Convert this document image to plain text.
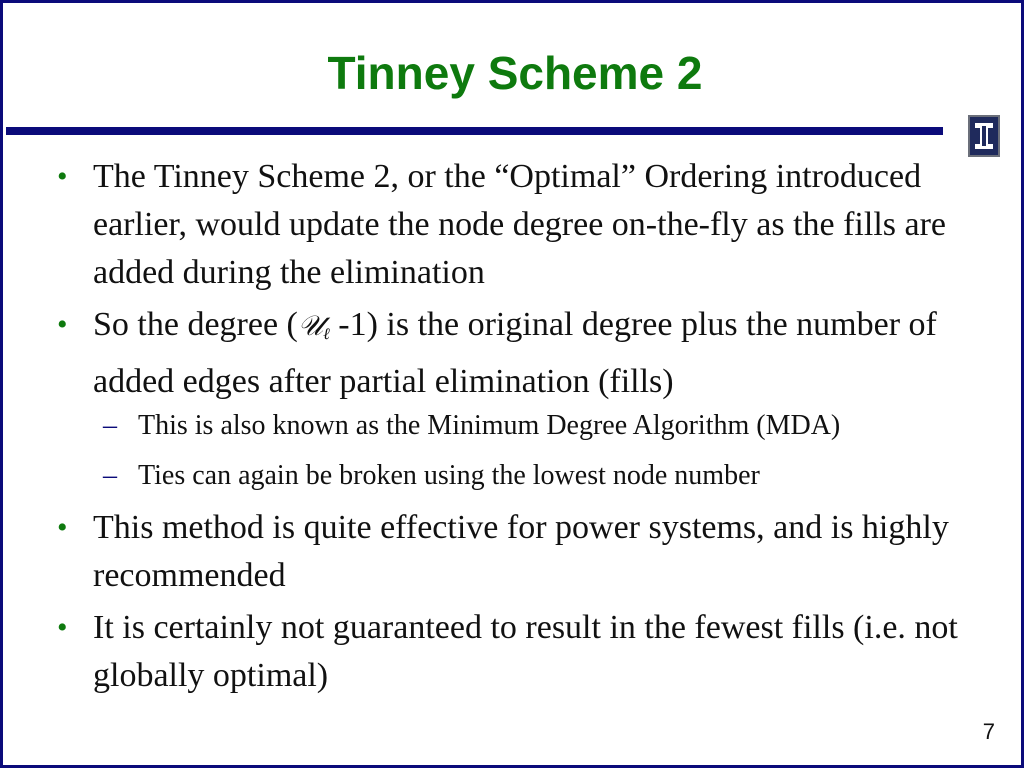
Tinney Scheme 2
• The Tinney Scheme 2, or the “Optimal” Ordering introduced earlier, would update the node degree on-the-fly as the fills are added during the elimination
• So the degree (𝒰ℓ -1) is the original degree plus the number of added edges after partial elimination (fills)
– This is also known as the Minimum Degree Algorithm (MDA)
– Ties can again be broken using the lowest node number
• This method is quite effective for power systems, and is highly recommended
• It is certainly not guaranteed to result in the fewest fills (i.e. not globally optimal)
7
